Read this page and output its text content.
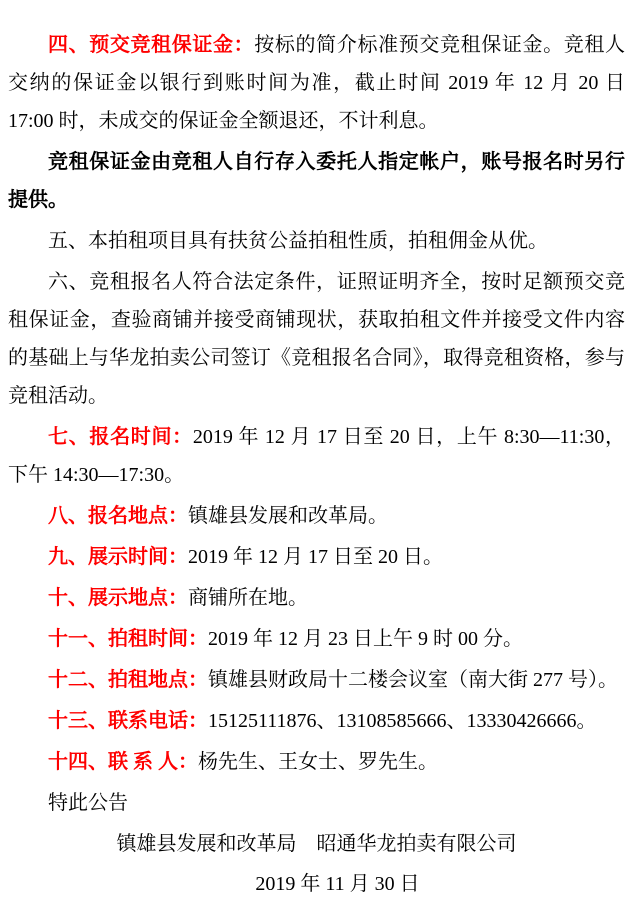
四、预交竞租保证金：按标的简介标准预交竞租保证金。竞租人交纳的保证金以银行到账时间为准，截止时间 2019 年 12 月 20 日 17:00 时，未成交的保证金全额退还，不计利息。

竞租保证金由竞租人自行存入委托人指定帐户，账号报名时另行提供。

五、本拍租项目具有扶贫公益拍租性质，拍租佣金从优。

六、竞租报名人符合法定条件，证照证明齐全，按时足额预交竞租保证金，查验商铺并接受商铺现状，获取拍租文件并接受文件内容的基础上与华龙拍卖公司签订《竞租报名合同》，取得竞租资格，参与竞租活动。

七、报名时间：2019 年 12 月 17 日至 20 日，上午 8:30—11:30，下午 14:30—17:30。

八、报名地点：镇雄县发展和改革局。

九、展示时间：2019 年 12 月 17 日至 20 日。

十、展示地点：商铺所在地。

十一、拍租时间：2019 年 12 月 23 日上午 9 时 00 分。

十二、拍租地点：镇雄县财政局十二楼会议室（南大街 277 号）。

十三、联系电话：15125111876、13108585666、13330426666。

十四、联 系 人：杨先生、王女士、罗先生。

特此公告

镇雄县发展和改革局　昭通华龙拍卖有限公司

2019 年 11 月 30 日
